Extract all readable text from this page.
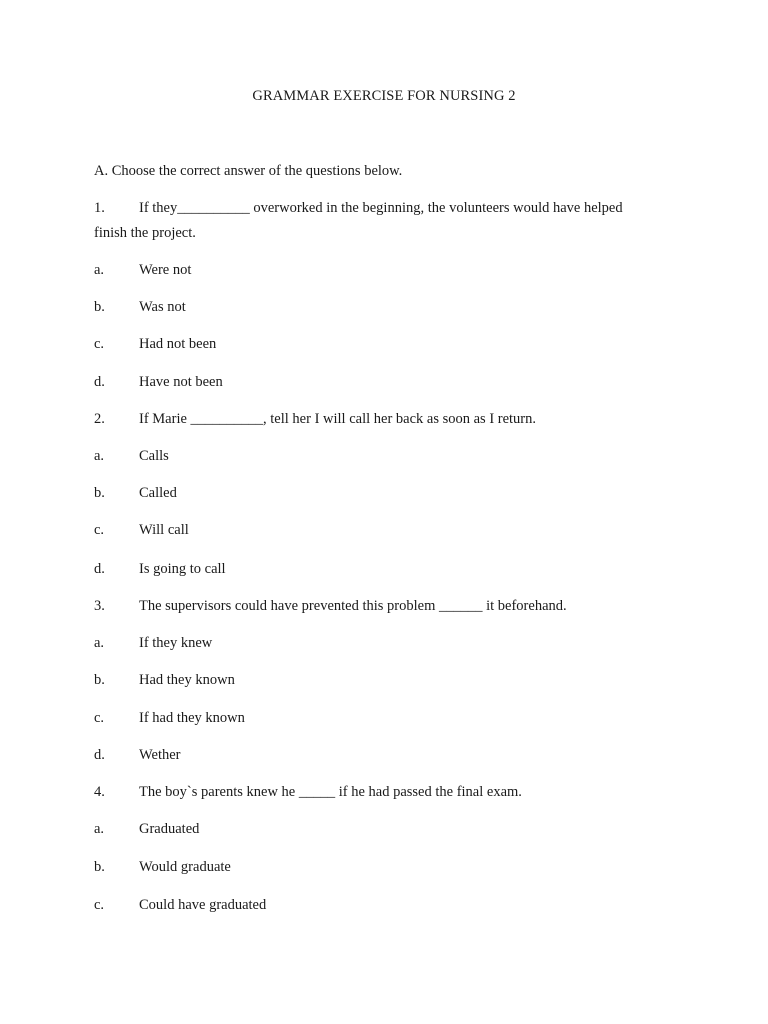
GRAMMAR EXERCISE FOR NURSING 2
A. Choose the correct answer of the questions below.
1. If they__________ overworked in the beginning, the volunteers would have helped
finish the project.
a. Were not
b. Was not
c. Had not been
d. Have not been
2. If Marie __________, tell her I will call her back as soon as I return.
a. Calls
b. Called
c. Will call
d. Is going to call
3. The supervisors could have prevented this problem ______ it beforehand.
a. If they knew
b. Had they known
c. If had they known
d. Wether
4. The boy`s parents knew he _____ if he had passed the final exam.
a. Graduated
b. Would graduate
c. Could have graduated
